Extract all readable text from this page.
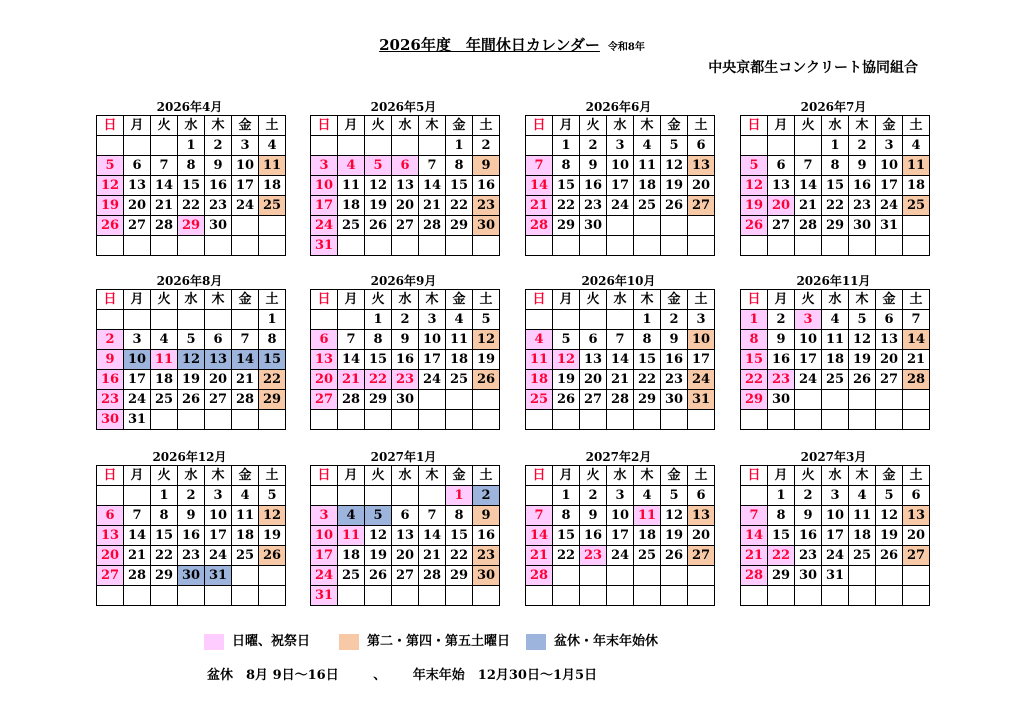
2026年度　年間休日カレンダー 令和8年
中央京都生コンクリート協同組合
2026年4月
日	月	火	水	木	金	土
			1	2	3	4
5	6	7	8	9	10	11
12	13	14	15	16	17	18
19	20	21	22	23	24	25
26	27	28	29	30		

2026年5月
日	月	火	水	木	金	土
					1	2
3	4	5	6	7	8	9
10	11	12	13	14	15	16
17	18	19	20	21	22	23
24	25	26	27	28	29	30
31						
2026年6月
日	月	火	水	木	金	土
	1	2	3	4	5	6
7	8	9	10	11	12	13
14	15	16	17	18	19	20
21	22	23	24	25	26	27
28	29	30				

2026年7月
日	月	火	水	木	金	土
			1	2	3	4
5	6	7	8	9	10	11
12	13	14	15	16	17	18
19	20	21	22	23	24	25
26	27	28	29	30	31	

2026年8月
日	月	火	水	木	金	土
						1
2	3	4	5	6	7	8
9	10	11	12	13	14	15
16	17	18	19	20	21	22
23	24	25	26	27	28	29
30	31					
2026年9月
日	月	火	水	木	金	土
		1	2	3	4	5
6	7	8	9	10	11	12
13	14	15	16	17	18	19
20	21	22	23	24	25	26
27	28	29	30			

2026年10月
日	月	火	水	木	金	土
				1	2	3
4	5	6	7	8	9	10
11	12	13	14	15	16	17
18	19	20	21	22	23	24
25	26	27	28	29	30	31

2026年11月
日	月	火	水	木	金	土
1	2	3	4	5	6	7
8	9	10	11	12	13	14
15	16	17	18	19	20	21
22	23	24	25	26	27	28
29	30					

2026年12月
日	月	火	水	木	金	土
		1	2	3	4	5
6	7	8	9	10	11	12
13	14	15	16	17	18	19
20	21	22	23	24	25	26
27	28	29	30	31		

2027年1月
日	月	火	水	木	金	土
					1	2
3	4	5	6	7	8	9
10	11	12	13	14	15	16
17	18	19	20	21	22	23
24	25	26	27	28	29	30
31						
2027年2月
日	月	火	水	木	金	土
	1	2	3	4	5	6
7	8	9	10	11	12	13
14	15	16	17	18	19	20
21	22	23	24	25	26	27
28						

2027年3月
日	月	火	水	木	金	土
	1	2	3	4	5	6
7	8	9	10	11	12	13
14	15	16	17	18	19	20
21	22	23	24	25	26	27
28	29	30	31			

日曜、祝祭日	第二・第四・第五土曜日	盆休・年末年始休
盆休　8月 9日～16日	、 年末年始　12月30日～1月5日
